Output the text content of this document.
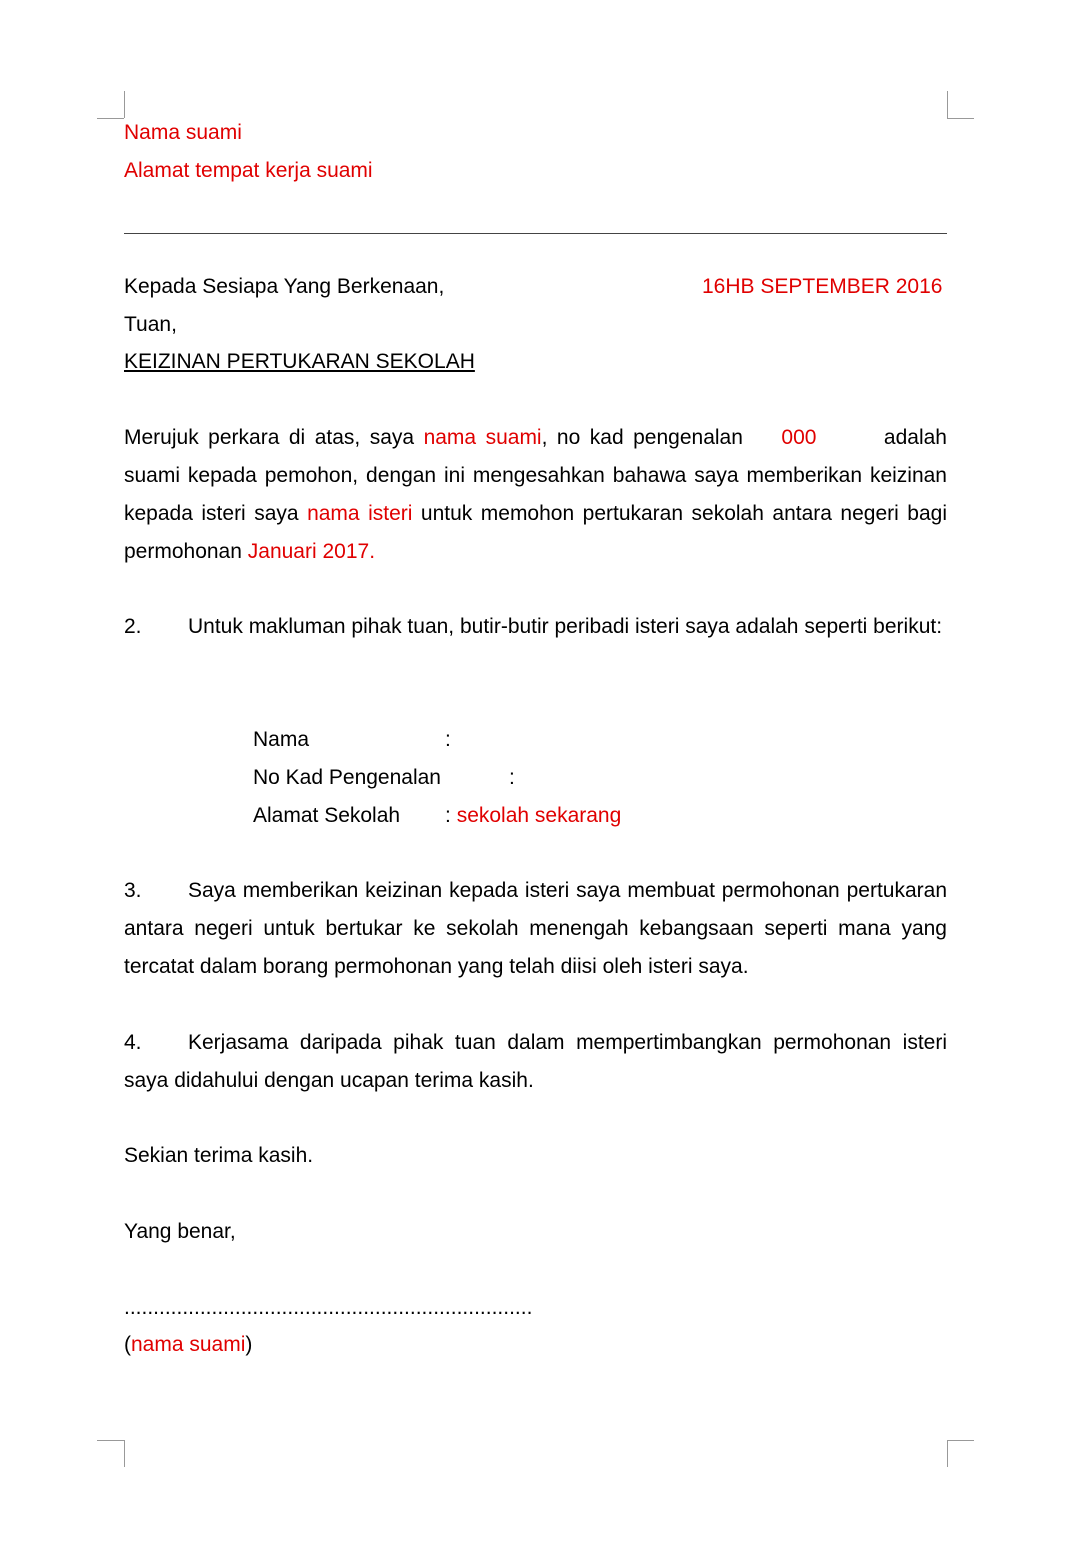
Nama suami
Alamat tempat kerja suami
Kepada Sesiapa Yang Berkenaan,	16HB SEPTEMBER 2016
Tuan,
KEIZINAN PERTUKARAN SEKOLAH
Merujuk perkara di atas, saya nama suami, no kad pengenalan 000	adalah suami kepada pemohon, dengan ini mengesahkan bahawa saya memberikan keizinan kepada isteri saya nama isteri untuk memohon pertukaran sekolah antara negeri bagi permohonan Januari 2017.
2. Untuk makluman pihak tuan, butir-butir peribadi isteri saya adalah seperti berikut:
Nama	:
No Kad Pengenalan	:
Alamat Sekolah : sekolah sekarang
3. Saya memberikan keizinan kepada isteri saya membuat permohonan pertukaran antara negeri untuk bertukar ke sekolah menengah kebangsaan seperti mana yang tercatat dalam borang permohonan yang telah diisi oleh isteri saya.
4. Kerjasama daripada pihak tuan dalam mempertimbangkan permohonan isteri saya didahului dengan ucapan terima kasih.
Sekian terima kasih.
Yang benar,
......................................................................
(nama suami)
